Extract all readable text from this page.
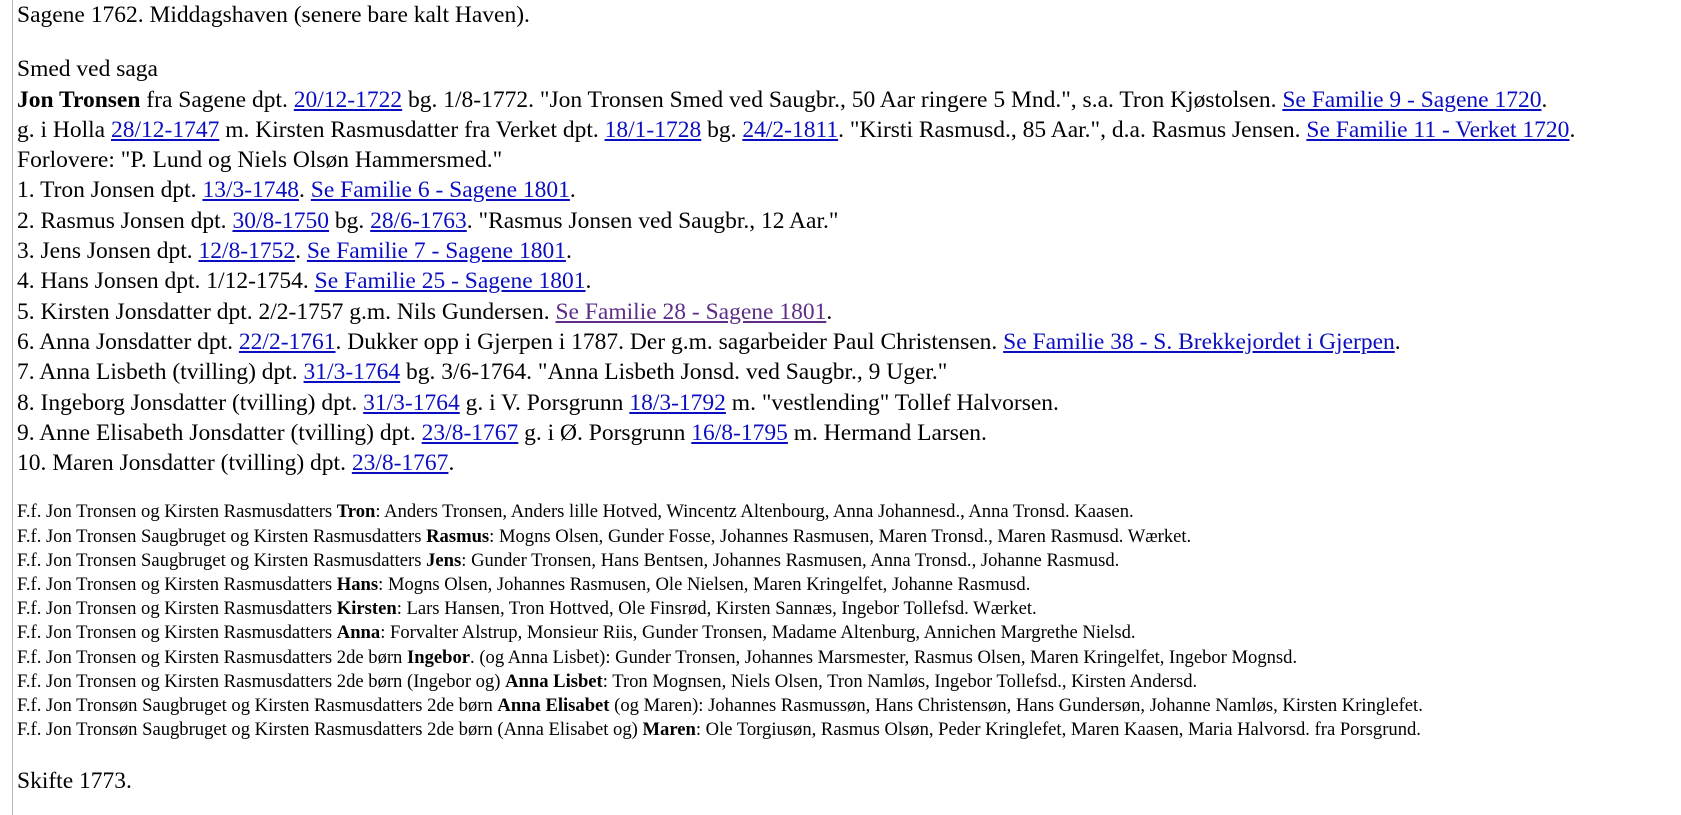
Sagene 1762. Middagshaven (senere bare kalt Haven).
Smed ved saga
Jon Tronsen fra Sagene dpt. 20/12-1722 bg. 1/8-1772. "Jon Tronsen Smed ved Saugbr., 50 Aar ringere 5 Mnd.", s.a. Tron Kjøstolsen. Se Familie 9 - Sagene 1720.
g. i Holla 28/12-1747 m. Kirsten Rasmusdatter fra Verket dpt. 18/1-1728 bg. 24/2-1811. "Kirsti Rasmusd., 85 Aar.", d.a. Rasmus Jensen. Se Familie 11 - Verket 1720.
Forlovere: "P. Lund og Niels Olsøn Hammersmed."
1. Tron Jonsen dpt. 13/3-1748. Se Familie 6 - Sagene 1801.
2. Rasmus Jonsen dpt. 30/8-1750 bg. 28/6-1763. "Rasmus Jonsen ved Saugbr., 12 Aar."
3. Jens Jonsen dpt. 12/8-1752. Se Familie 7 - Sagene 1801.
4. Hans Jonsen dpt. 1/12-1754. Se Familie 25 - Sagene 1801.
5. Kirsten Jonsdatter dpt. 2/2-1757 g.m. Nils Gundersen. Se Familie 28 - Sagene 1801.
6. Anna Jonsdatter dpt. 22/2-1761. Dukker opp i Gjerpen i 1787. Der g.m. sagarbeider Paul Christensen. Se Familie 38 - S. Brekkejordet i Gjerpen.
7. Anna Lisbeth (tvilling) dpt. 31/3-1764 bg. 3/6-1764. "Anna Lisbeth Jonsd. ved Saugbr., 9 Uger."
8. Ingeborg Jonsdatter (tvilling) dpt. 31/3-1764 g. i V. Porsgrunn 18/3-1792 m. "vestlending" Tollef Halvorsen.
9. Anne Elisabeth Jonsdatter (tvilling) dpt. 23/8-1767 g. i Ø. Porsgrunn 16/8-1795 m. Hermand Larsen.
10. Maren Jonsdatter (tvilling) dpt. 23/8-1767.
F.f. Jon Tronsen og Kirsten Rasmusdatters Tron: Anders Tronsen, Anders lille Hotved, Wincentz Altenbourg, Anna Johannesd., Anna Tronsd. Kaasen.
F.f. Jon Tronsen Saugbruget og Kirsten Rasmusdatters Rasmus: Mogns Olsen, Gunder Fosse, Johannes Rasmusen, Maren Tronsd., Maren Rasmusd. Wærket.
F.f. Jon Tronsen Saugbruget og Kirsten Rasmusdatters Jens: Gunder Tronsen, Hans Bentsen, Johannes Rasmusen, Anna Tronsd., Johanne Rasmusd.
F.f. Jon Tronsen og Kirsten Rasmusdatters Hans: Mogns Olsen, Johannes Rasmusen, Ole Nielsen, Maren Kringelfet, Johanne Rasmusd.
F.f. Jon Tronsen og Kirsten Rasmusdatters Kirsten: Lars Hansen, Tron Hottved, Ole Finsrød, Kirsten Sannæs, Ingebor Tollefsd. Wærket.
F.f. Jon Tronsen og Kirsten Rasmusdatters Anna: Forvalter Alstrup, Monsieur Riis, Gunder Tronsen, Madame Altenburg, Annichen Margrethe Nielsd.
F.f. Jon Tronsen og Kirsten Rasmusdatters 2de børn Ingebor. (og Anna Lisbet): Gunder Tronsen, Johannes Marsmester, Rasmus Olsen, Maren Kringelfet, Ingebor Mognsd.
F.f. Jon Tronsen og Kirsten Rasmusdatters 2de børn (Ingebor og) Anna Lisbet: Tron Mognsen, Niels Olsen, Tron Namløs, Ingebor Tollefsd., Kirsten Andersd.
F.f. Jon Tronsøn Saugbruget og Kirsten Rasmusdatters 2de børn Anna Elisabet (og Maren): Johannes Rasmussøn, Hans Christensøn, Hans Gundersøn, Johanne Namløs, Kirsten Kringlefet.
F.f. Jon Tronsøn Saugbruget og Kirsten Rasmusdatters 2de børn (Anna Elisabet og) Maren: Ole Torgiusøn, Rasmus Olsøn, Peder Kringlefet, Maren Kaasen, Maria Halvorsd. fra Porsgrund.
Skifte 1773.
